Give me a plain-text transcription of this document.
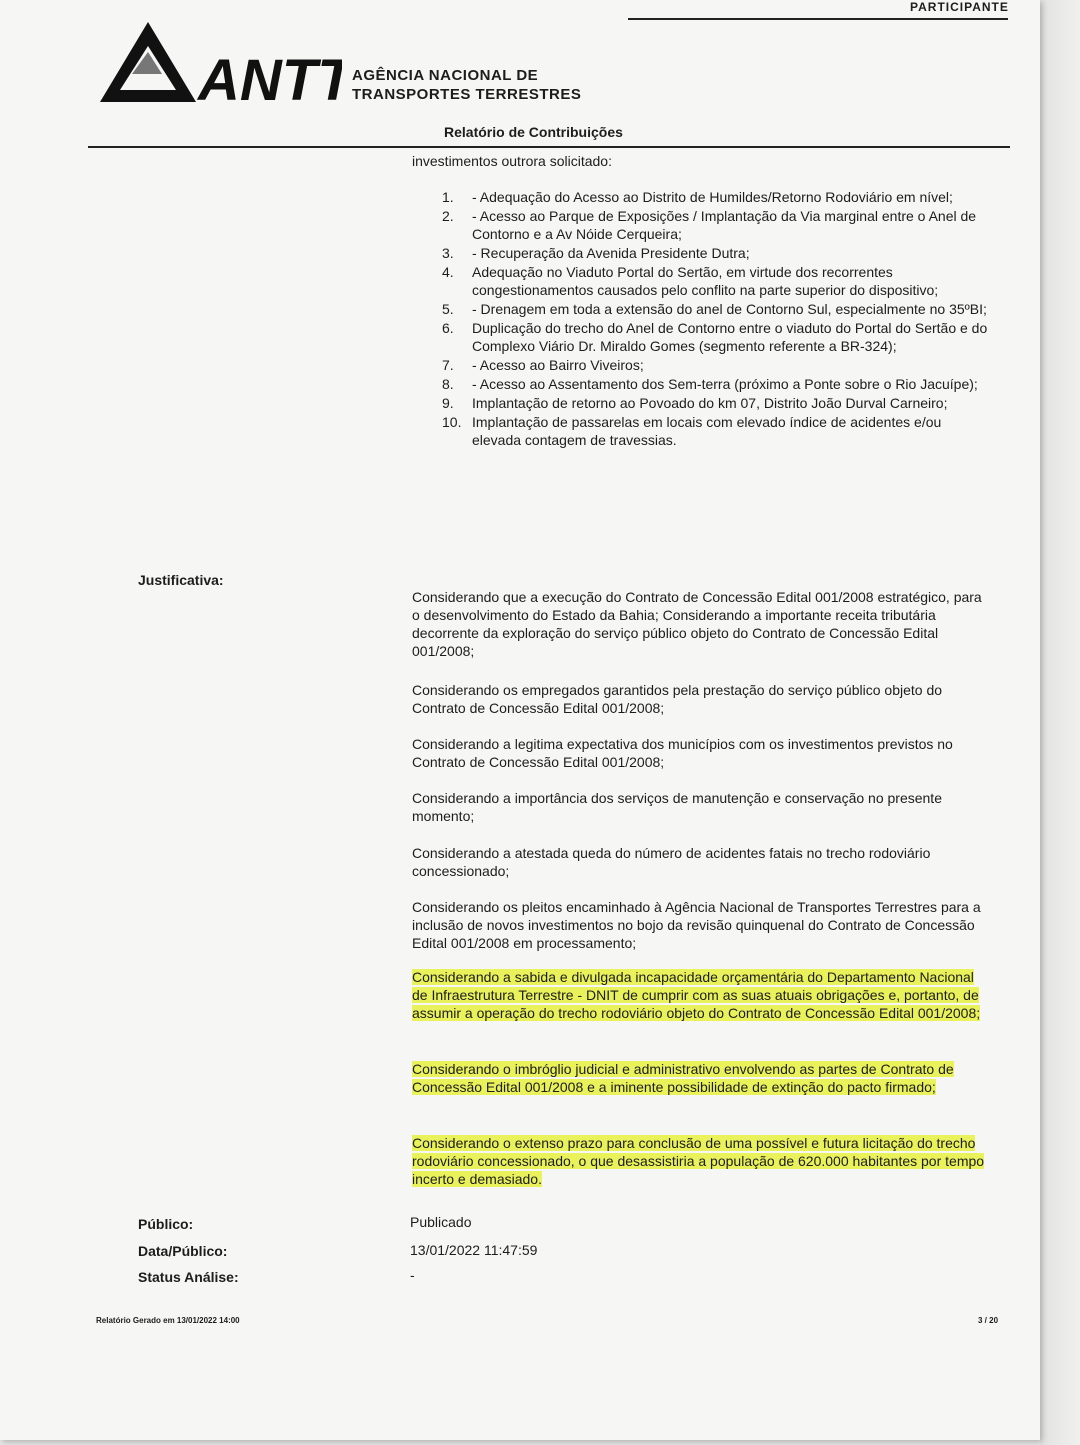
PARTICIPANTE
ANTT AGÊNCIA NACIONAL DE
TRANSPORTES TERRESTRES
Relatório de Contribuições
investimentos outrora solicitado:
1. - Adequação do Acesso ao Distrito de Humildes/Retorno Rodoviário em nível;
2. - Acesso ao Parque de Exposições / Implantação da Via marginal entre o Anel de Contorno e a Av Nóide Cerqueira;
3. - Recuperação da Avenida Presidente Dutra;
4. Adequação no Viaduto Portal do Sertão, em virtude dos recorrentes congestionamentos causados pelo conflito na parte superior do dispositivo;
5. - Drenagem em toda a extensão do anel de Contorno Sul, especialmente no 35ºBI;
6. Duplicação do trecho do Anel de Contorno entre o viaduto do Portal do Sertão e do Complexo Viário Dr. Miraldo Gomes (segmento referente a BR-324);
7. - Acesso ao Bairro Viveiros;
8. - Acesso ao Assentamento dos Sem-terra (próximo a Ponte sobre o Rio Jacuípe);
9. Implantação de retorno ao Povoado do km 07, Distrito João Durval Carneiro;
10. Implantação de passarelas em locais com elevado índice de acidentes e/ou elevada contagem de travessias.
Justificativa:

Considerando que a execução do Contrato de Concessão Edital 001/2008 estratégico, para o desenvolvimento do Estado da Bahia; Considerando a importante receita tributária decorrente da exploração do serviço público objeto do Contrato de Concessão Edital 001/2008;

Considerando os empregados garantidos pela prestação do serviço público objeto do Contrato de Concessão Edital 001/2008;

Considerando a legitima expectativa dos municípios com os investimentos previstos no Contrato de Concessão Edital 001/2008;

Considerando a importância dos serviços de manutenção e conservação no presente momento;

Considerando a atestada queda do número de acidentes fatais no trecho rodoviário concessionado;

Considerando os pleitos encaminhado à Agência Nacional de Transportes Terrestres para a inclusão de novos investimentos no bojo da revisão quinquenal do Contrato de Concessão Edital 001/2008 em processamento;

Considerando a sabida e divulgada incapacidade orçamentária do Departamento Nacional de Infraestrutura Terrestre - DNIT de cumprir com as suas atuais obrigações e, portanto, de assumir a operação do trecho rodoviário objeto do Contrato de Concessão Edital 001/2008;

Considerando o imbróglio judicial e administrativo envolvendo as partes de Contrato de Concessão Edital 001/2008 e a iminente possibilidade de extinção do pacto firmado;

Considerando o extenso prazo para conclusão de uma possível e futura licitação do trecho rodoviário concessionado, o que desassistiria a população de 620.000 habitantes por tempo incerto e demasiado.

Público:	Publicado
Data/Público:	13/01/2022 11:47:59
Status Análise:	-
Relatório Gerado em 13/01/2022 14:00	3 / 20
